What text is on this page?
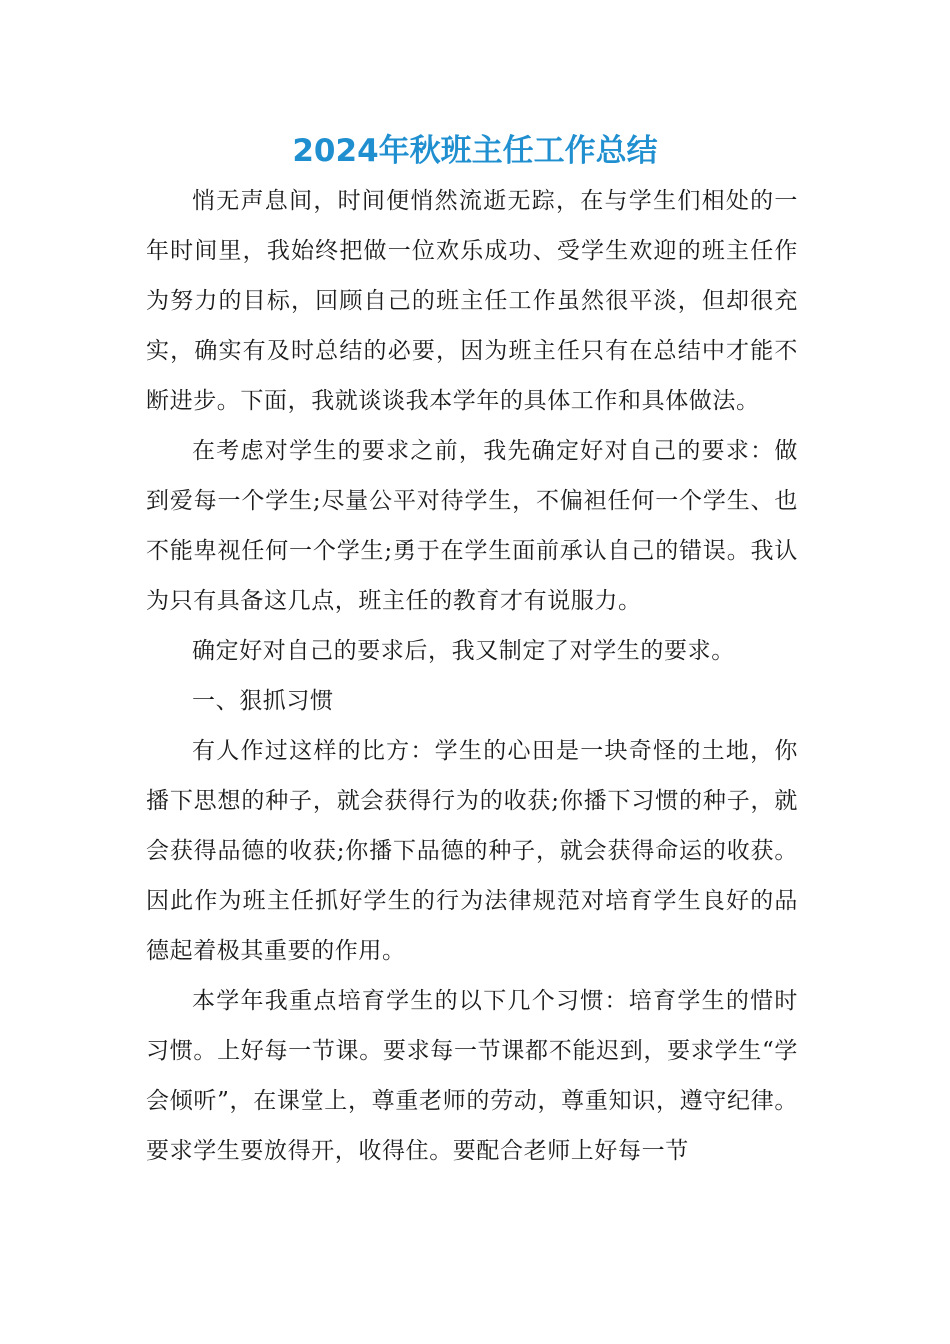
2024年秋班主任工作总结

悄无声息间，时间便悄然流逝无踪，在与学生们相处的一年时间里，我始终把做一位欢乐成功、受学生欢迎的班主任作为努力的目标，回顾自己的班主任工作虽然很平淡，但却很充实，确实有及时总结的必要，因为班主任只有在总结中才能不断进步。下面，我就谈谈我本学年的具体工作和具体做法。

在考虑对学生的要求之前，我先确定好对自己的要求：做到爱每一个学生;尽量公平对待学生，不偏袒任何一个学生、也不能卑视任何一个学生;勇于在学生面前承认自己的错误。我认为只有具备这几点，班主任的教育才有说服力。

确定好对自己的要求后，我又制定了对学生的要求。

一、狠抓习惯

有人作过这样的比方：学生的心田是一块奇怪的土地，你播下思想的种子，就会获得行为的收获;你播下习惯的种子，就会获得品德的收获;你播下品德的种子，就会获得命运的收获。因此作为班主任抓好学生的行为法律规范对培育学生良好的品德起着极其重要的作用。

本学年我重点培育学生的以下几个习惯：培育学生的惜时习惯。上好每一节课。要求每一节课都不能迟到，要求学生“学会倾听”，在课堂上，尊重老师的劳动，尊重知识，遵守纪律。要求学生要放得开，收得住。要配合老师上好每一节
